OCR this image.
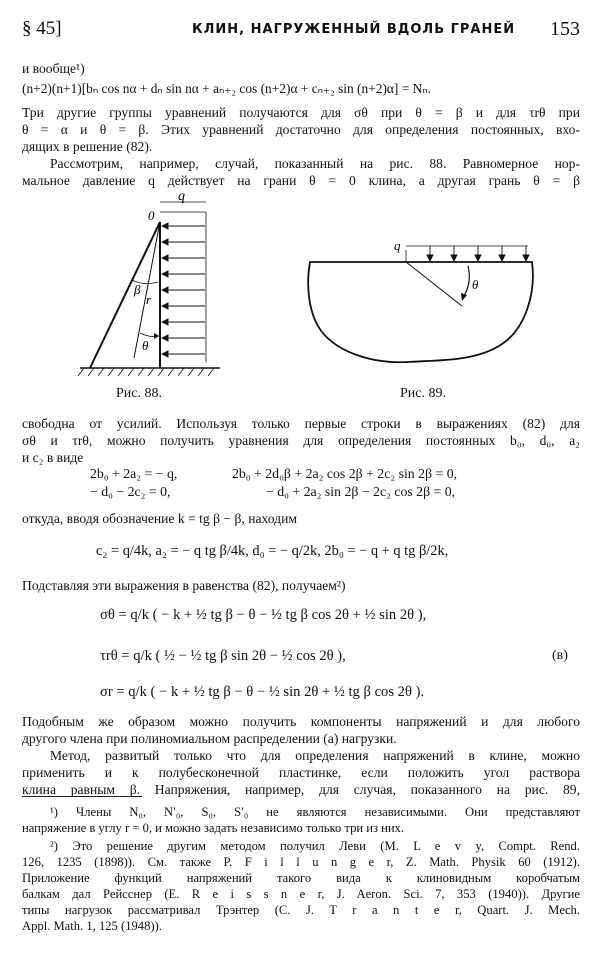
§ 45]	КЛИН, НАГРУЖЕННЫЙ ВДОЛЬ ГРАНЕЙ 153
и вообще¹)
(n+2)(n+1)[bₙ cos nα + dₙ sin nα + aₙ₊₂ cos (n+2)α + cₙ₊₂ sin (n+2)α] = Nₙ.
Три другие группы уравнений получаются для σθ при θ = β и для τrθ при
θ = α и θ = β. Этих уравнений достаточно для определения постоянных, вхо-
дящих в решение (82).
Рассмотрим, например, случай, показанный на рис. 88. Равномерное нор-
мальное давление q действует на грани θ = 0 клина, а другая грань θ = β
0
q
β
r
θ
Рис. 88.
q
θ
Рис. 89.
свободна от усилий. Используя только первые строки в выражениях (82) для
σθ и τrθ, можно получить уравнения для определения постоянных b₀, d₀, a₂
и c₂ в виде
2b₀ + 2a₂ = − q,	2b₀ + 2d₀β + 2a₂ cos 2β + 2c₂ sin 2β = 0,
− d₀ − 2c₂ = 0,	− d₀ + 2a₂ sin 2β − 2c₂ cos 2β = 0,
откуда, вводя обозначение k = tg β − β, находим
c₂ = q/4k, a₂ = − q tg β/4k, d₀ = − q/2k, 2b₀ = − q + q tg β/2k,
Подставляя эти выражения в равенства (82), получаем²)
σθ = q/k ( − k + ½ tg β − θ − ½ tg β cos 2θ + ½ sin 2θ ),
τrθ = q/k ( ½ − ½ tg β sin 2θ − ½ cos 2θ ),	(в)
σr = q/k ( − k + ½ tg β − θ − ½ sin 2θ + ½ tg β cos 2θ ).
Подобным же образом можно получить компоненты напряжений и для любого
другого члена при полиномиальном распределении (а) нагрузки.
Метод, развитый только что для определения напряжений в клине, можно
применить и к полубесконечной пластинке, если положить угол раствора
клина равным β. Напряжения, например, для случая, показанного на рис. 89,
¹) Члены N₀, N′₀, S₀, S′₀ не являются независимыми. Они представляют
напряжение в углу r = 0, и можно задать независимо только три из них.
²) Это решение другим методом получил Леви (M. L e v y, Compt. Rend.
126, 1235 (1898)). См. также P. F i l l u n g e r, Z. Math. Physik 60 (1912).
Приложение функций напряжений такого вида к клиновидным коробчатым
балкам дал Рейсснер (E. R e i s s n e r, J. Aeron. Sci. 7, 353 (1940)). Другие
типы нагрузок рассматривал Трэнтер (C. J. T r a n t e r, Quart. J. Mech.
Appl. Math. 1, 125 (1948)).
